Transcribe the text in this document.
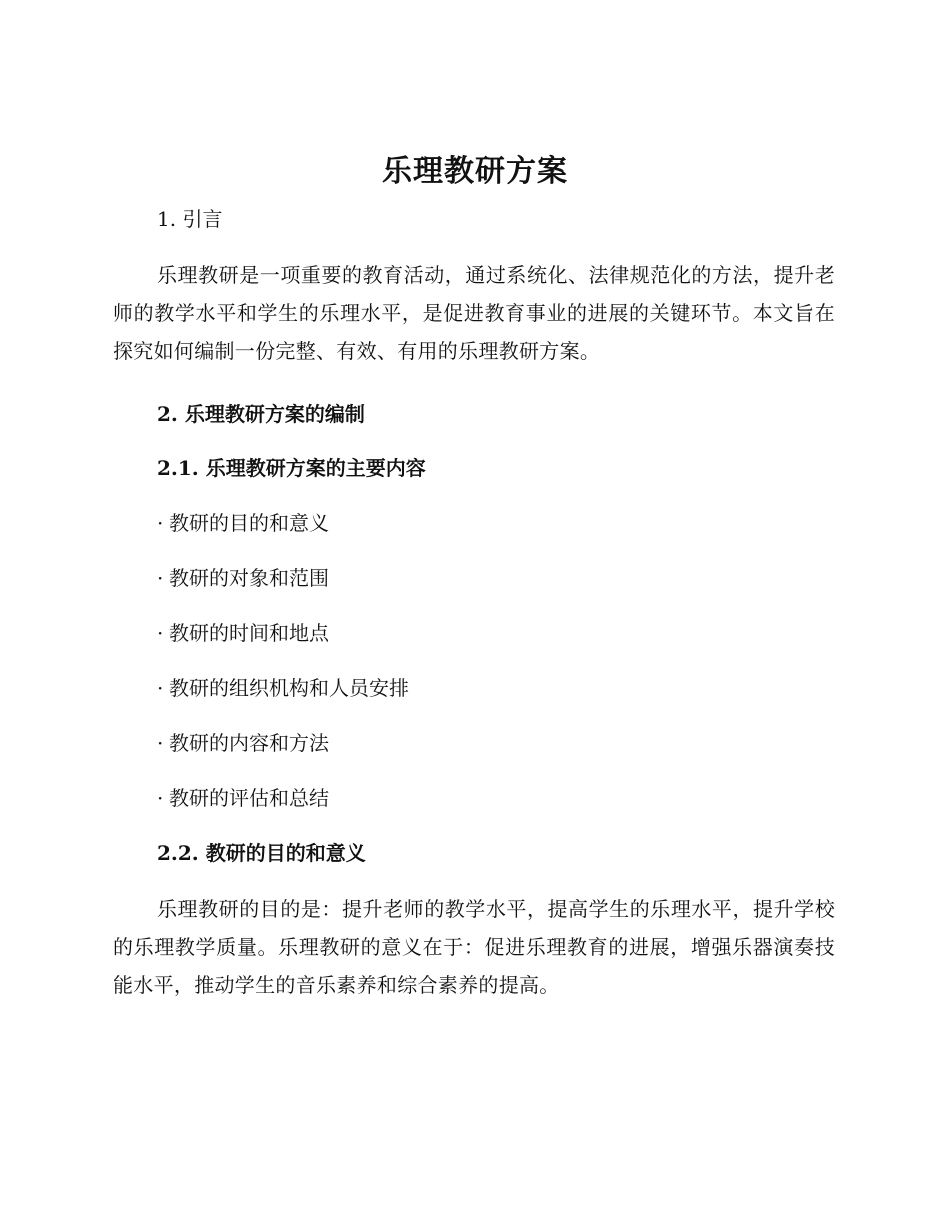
乐理教研方案

1. 引言

乐理教研是一项重要的教育活动，通过系统化、法律规范化的方法，提升老师的教学水平和学生的乐理水平，是促进教育事业的进展的关键环节。本文旨在探究如何编制一份完整、有效、有用的乐理教研方案。

2. 乐理教研方案的编制

2.1. 乐理教研方案的主要内容

· 教研的目的和意义

· 教研的对象和范围

· 教研的时间和地点

· 教研的组织机构和人员安排

· 教研的内容和方法

· 教研的评估和总结

2.2. 教研的目的和意义

乐理教研的目的是：提升老师的教学水平，提高学生的乐理水平，提升学校的乐理教学质量。乐理教研的意义在于：促进乐理教育的进展，增强乐器演奏技能水平，推动学生的音乐素养和综合素养的提高。
